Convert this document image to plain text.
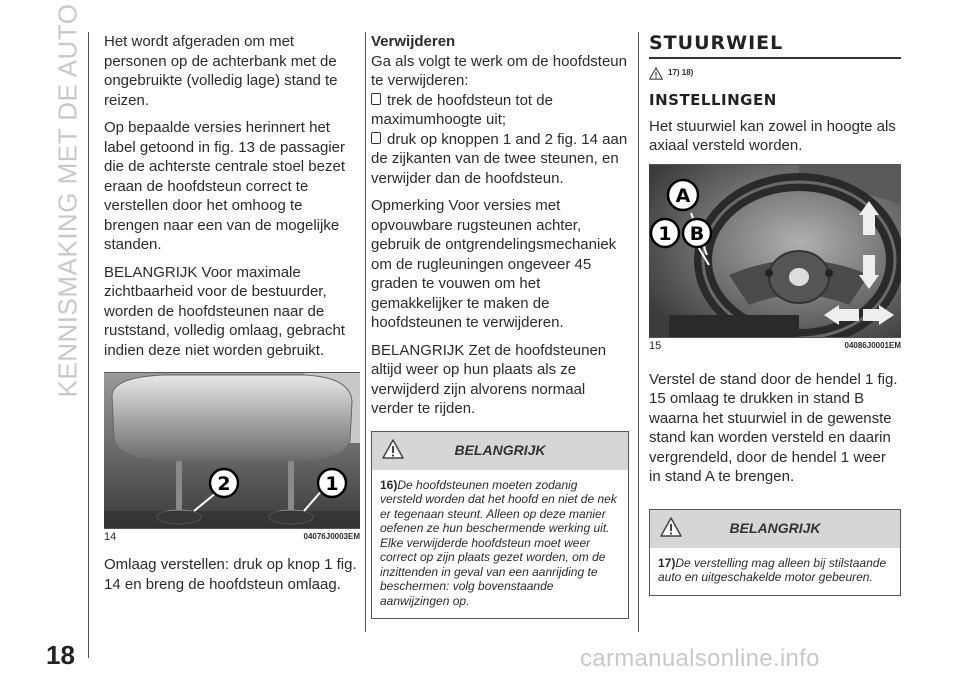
KENNISMAKING MET DE AUTO Het wordt afgeraden om met personen op de achterbank met de ongebruikte (volledig lage) stand te reizen.

Op bepaalde versies herinnert het label getoond in fig. 13 de passagier die de achterste centrale stoel bezet eraan de hoofdsteun correct te verstellen door het omhoog te brengen naar een van de mogelijke standen.

BELANGRIJK Voor maximale zichtbaarheid voor de bestuurder, worden de hoofdsteunen naar de ruststand, volledig omlaag, gebracht indien deze niet worden gebruikt.

2	1
14	04076J0003EM

Omlaag verstellen: druk op knop 1 fig. 14 en breng de hoofdsteun omlaag.

Verwijderen

Ga als volgt te werk om de hoofdsteun te verwijderen:

trek de hoofdsteun tot de maximumhoogte uit;
druk op knoppen 1 and 2 fig. 14 aan de zijkanten van de twee steunen, en verwijder dan de hoofdsteun.

Opmerking Voor versies met opvouwbare rugsteunen achter, gebruik de ontgrendelingsmechaniek om de rugleuningen ongeveer 45 graden te vouwen om het gemakkelijker te maken de hoofdsteunen te verwijderen.

BELANGRIJK Zet de hoofdsteunen altijd weer op hun plaats als ze verwijderd zijn alvorens normaal verder te rijden.

BELANGRIJK
16)De hoofdsteunen moeten zodanig versteld worden dat het hoofd en niet de nek er tegenaan steunt. Alleen op deze manier oefenen ze hun beschermende werking uit. Elke verwijderde hoofdsteun moet weer correct op zijn plaats gezet worden, om de inzittenden in geval van een aanrijding te beschermen: volg bovenstaande aanwijzingen op.
STUURWIEL
17) 18)
INSTELLINGEN

Het stuurwiel kan zowel in hoogte als axiaal versteld worden.

A
1 B
15	04086J0001EM

Verstel de stand door de hendel 1 fig. 15 omlaag te drukken in stand B waarna het stuurwiel in de gewenste stand kan worden versteld en daarin vergrendeld, door de hendel 1 weer in stand A te brengen.

BELANGRIJK
17)De verstelling mag alleen bij stilstaande auto en uitgeschakelde motor gebeuren.
18	carmanualsonline.info
